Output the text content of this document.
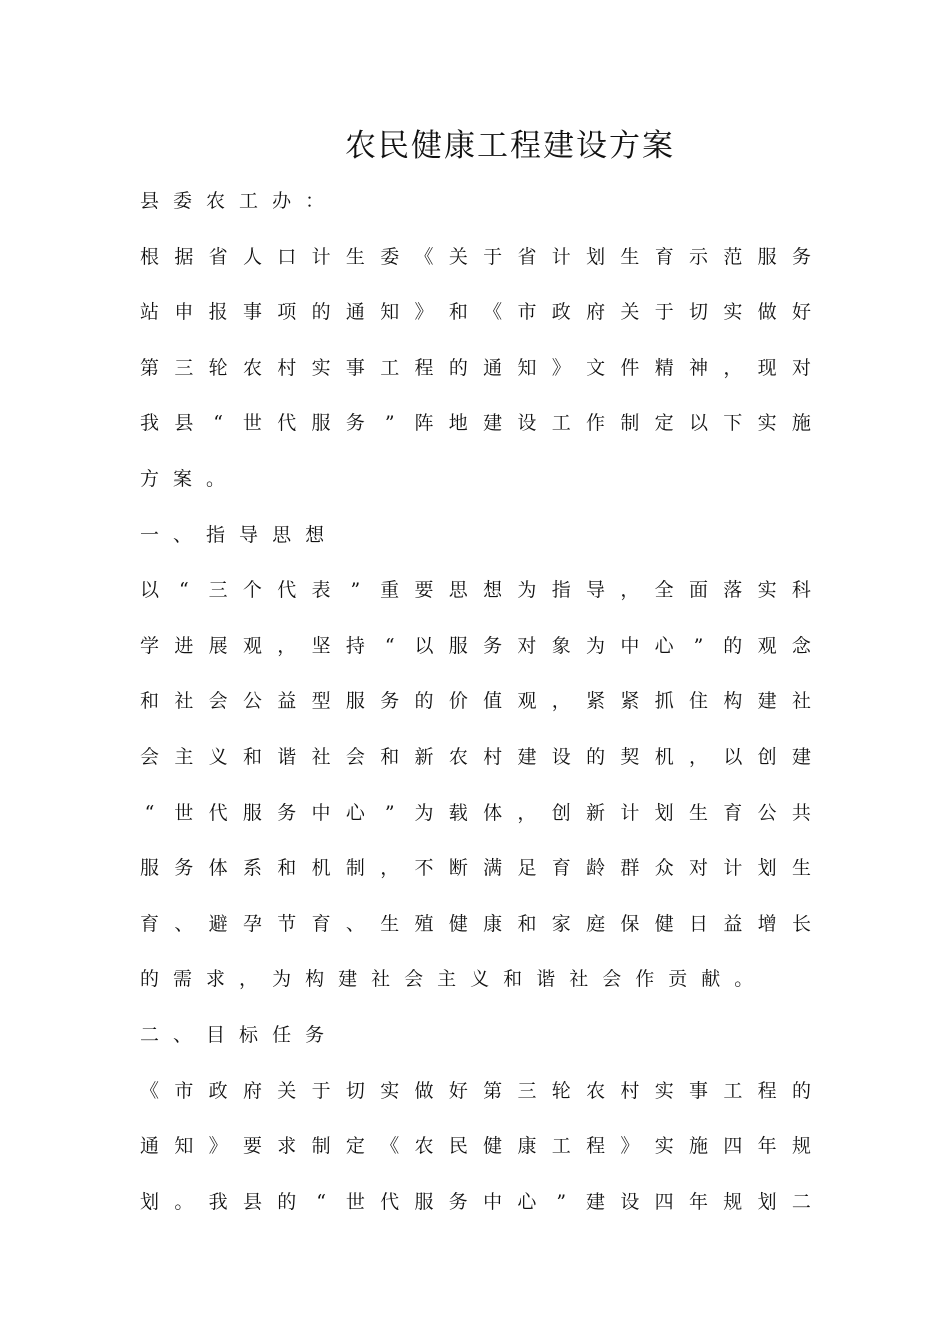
农民健康工程建设方案
县 委 农 工 办 ：
根 据 省 人 口 计 生 委 《 关 于 省 计 划 生 育 示 范 服 务
站 申 报 事 项 的 通 知 》 和 《 市 政 府 关 于 切 实 做 好
第 三 轮 农 村 实 事 工 程 的 通 知 》 文 件 精 神 ， 现 对
我 县 “ 世 代 服 务 ” 阵 地 建 设 工 作 制 定 以 下 实 施
方 案 。
一 、 指 导 思 想
以 “ 三 个 代 表 ” 重 要 思 想 为 指 导 ， 全 面 落 实 科
学 进 展 观 ， 坚 持 “ 以 服 务 对 象 为 中 心 ” 的 观 念
和 社 会 公 益 型 服 务 的 价 值 观 ， 紧 紧 抓 住 构 建 社
会 主 义 和 谐 社 会 和 新 农 村 建 设 的 契 机 ， 以 创 建
“ 世 代 服 务 中 心 ” 为 载 体 ， 创 新 计 划 生 育 公 共
服 务 体 系 和 机 制 ， 不 断 满 足 育 龄 群 众 对 计 划 生
育 、 避 孕 节 育 、 生 殖 健 康 和 家 庭 保 健 日 益 增 长
的 需 求 ， 为 构 建 社 会 主 义 和 谐 社 会 作 贡 献 。
二 、 目 标 任 务
《 市 政 府 关 于 切 实 做 好 第 三 轮 农 村 实 事 工 程 的
通 知 》 要 求 制 定 《 农 民 健 康 工 程 》 实 施 四 年 规
划 。 我 县 的 “ 世 代 服 务 中 心 ” 建 设 四 年 规 划 二
